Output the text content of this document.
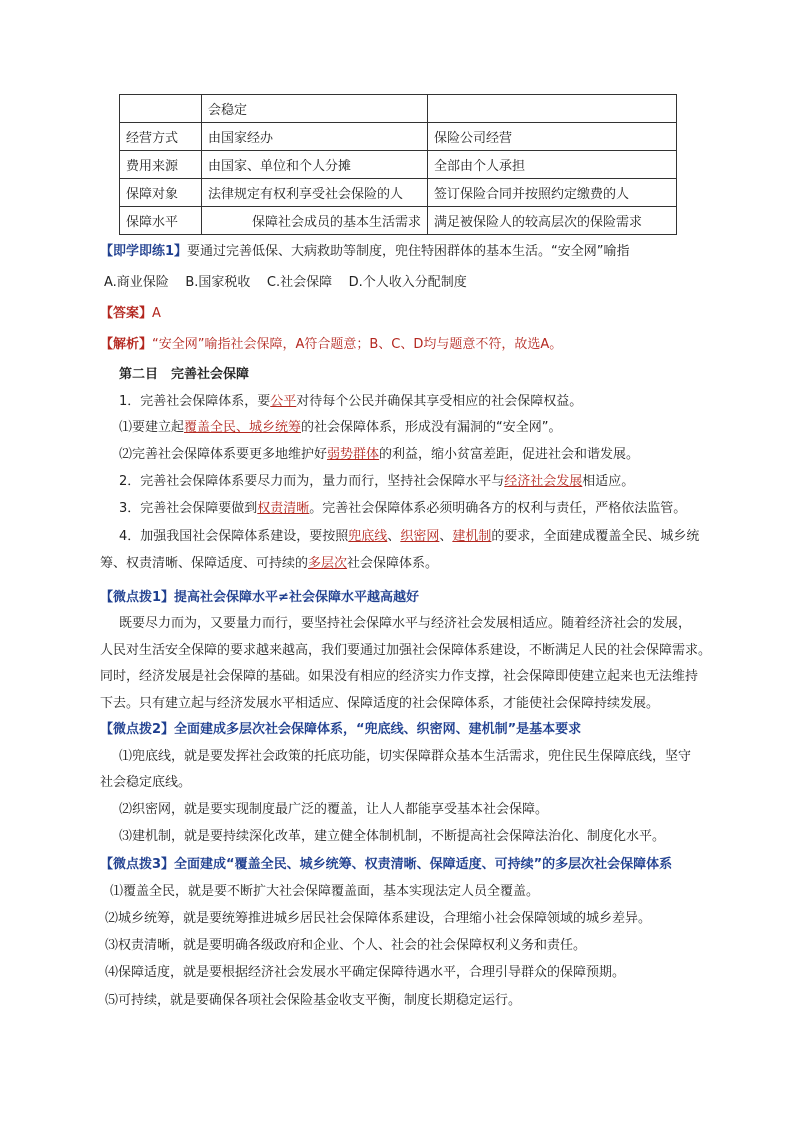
	会稳定	
经营方式	由国家经办	保险公司经营
费用来源	由国家、单位和个人分摊	全部由个人承担
保障对象	法律规定有权利享受社会保险的人	签订保险合同并按照约定缴费的人
保障水平	保障社会成员的基本生活需求	满足被保险人的较高层次的保险需求
【即学即练1】要通过完善低保、大病救助等制度，兜住特困群体的基本生活。“安全网”喻指
A.商业保险    B.国家税收    C.社会保障    D.个人收入分配制度
【答案】A
【解析】“安全网”喻指社会保障，A符合题意；B、C、D均与题意不符，故选A。
第二目　完善社会保障
1．完善社会保障体系，要公平对待每个公民并确保其享受相应的社会保障权益。
⑴要建立起覆盖全民、城乡统筹的社会保障体系，形成没有漏洞的“安全网”。
⑵完善社会保障体系要更多地维护好弱势群体的利益，缩小贫富差距，促进社会和谐发展。
2．完善社会保障体系要尽力而为，量力而行，坚持社会保障水平与经济社会发展相适应。
3．完善社会保障要做到权责清晰。完善社会保障体系必须明确各方的权利与责任，严格依法监管。
4．加强我国社会保障体系建设，要按照兜底线、织密网、建机制的要求，全面建成覆盖全民、城乡统
筹、权责清晰、保障适度、可持续的多层次社会保障体系。
【微点拨1】提高社会保障水平≠社会保障水平越高越好
既要尽力而为，又要量力而行，要坚持社会保障水平与经济社会发展相适应。随着经济社会的发展，
人民对生活安全保障的要求越来越高，我们要通过加强社会保障体系建设，不断满足人民的社会保障需求。
同时，经济发展是社会保障的基础。如果没有相应的经济实力作支撑，社会保障即使建立起来也无法维持
下去。只有建立起与经济发展水平相适应、保障适度的社会保障体系，才能使社会保障持续发展。
【微点拨2】全面建成多层次社会保障体系，“兜底线、织密网、建机制”是基本要求
⑴兜底线，就是要发挥社会政策的托底功能，切实保障群众基本生活需求，兜住民生保障底线，坚守
社会稳定底线。
⑵织密网，就是要实现制度最广泛的覆盖，让人人都能享受基本社会保障。
⑶建机制，就是要持续深化改革，建立健全体制机制，不断提高社会保障法治化、制度化水平。
【微点拨3】全面建成“覆盖全民、城乡统筹、权责清晰、保障适度、可持续”的多层次社会保障体系
⑴覆盖全民，就是要不断扩大社会保障覆盖面，基本实现法定人员全覆盖。
⑵城乡统筹，就是要统筹推进城乡居民社会保障体系建设，合理缩小社会保障领域的城乡差异。
⑶权责清晰，就是要明确各级政府和企业、个人、社会的社会保障权利义务和责任。
⑷保障适度，就是要根据经济社会发展水平确定保障待遇水平，合理引导群众的保障预期。
⑸可持续，就是要确保各项社会保险基金收支平衡，制度长期稳定运行。
